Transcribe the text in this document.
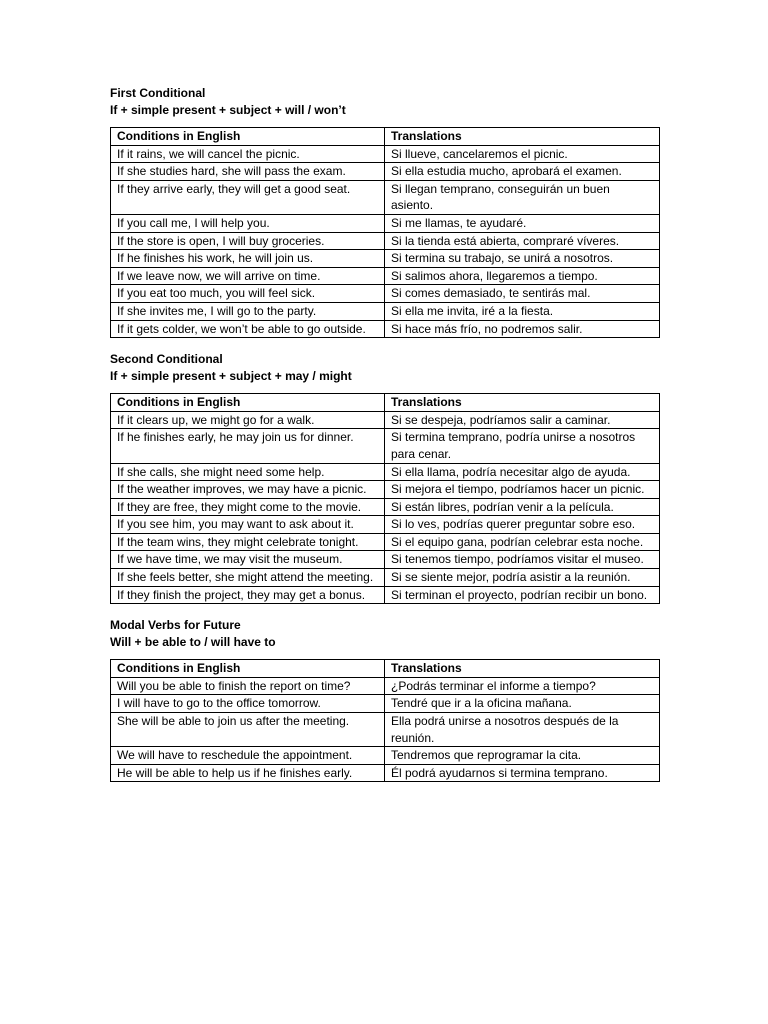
First Conditional

If + simple present + subject + will / won’t

Conditions in English	Translations
If it rains, we will cancel the picnic.	Si llueve, cancelaremos el picnic.
If she studies hard, she will pass the exam.	Si ella estudia mucho, aprobará el examen.
If they arrive early, they will get a good seat.	Si llegan temprano, conseguirán un buen asiento.
If you call me, I will help you.	Si me llamas, te ayudaré.
If the store is open, I will buy groceries.	Si la tienda está abierta, compraré víveres.
If he finishes his work, he will join us.	Si termina su trabajo, se unirá a nosotros.
If we leave now, we will arrive on time.	Si salimos ahora, llegaremos a tiempo.
If you eat too much, you will feel sick.	Si comes demasiado, te sentirás mal.
If she invites me, I will go to the party.	Si ella me invita, iré a la fiesta.
If it gets colder, we won’t be able to go outside.	Si hace más frío, no podremos salir.

Second Conditional

If + simple present + subject + may / might

Conditions in English	Translations
If it clears up, we might go for a walk.	Si se despeja, podríamos salir a caminar.
If he finishes early, he may join us for dinner.	Si termina temprano, podría unirse a nosotros para cenar.
If she calls, she might need some help.	Si ella llama, podría necesitar algo de ayuda.
If the weather improves, we may have a picnic.	Si mejora el tiempo, podríamos hacer un picnic.
If they are free, they might come to the movie.	Si están libres, podrían venir a la película.
If you see him, you may want to ask about it.	Si lo ves, podrías querer preguntar sobre eso.
If the team wins, they might celebrate tonight.	Si el equipo gana, podrían celebrar esta noche.
If we have time, we may visit the museum.	Si tenemos tiempo, podríamos visitar el museo.
If she feels better, she might attend the meeting.	Si se siente mejor, podría asistir a la reunión.
If they finish the project, they may get a bonus.	Si terminan el proyecto, podrían recibir un bono.

Modal Verbs for Future

Will + be able to / will have to

Conditions in English	Translations
Will you be able to finish the report on time?	¿Podrás terminar el informe a tiempo?
I will have to go to the office tomorrow.	Tendré que ir a la oficina mañana.
She will be able to join us after the meeting.	Ella podrá unirse a nosotros después de la reunión.
We will have to reschedule the appointment.	Tendremos que reprogramar la cita.
He will be able to help us if he finishes early.	Él podrá ayudarnos si termina temprano.
